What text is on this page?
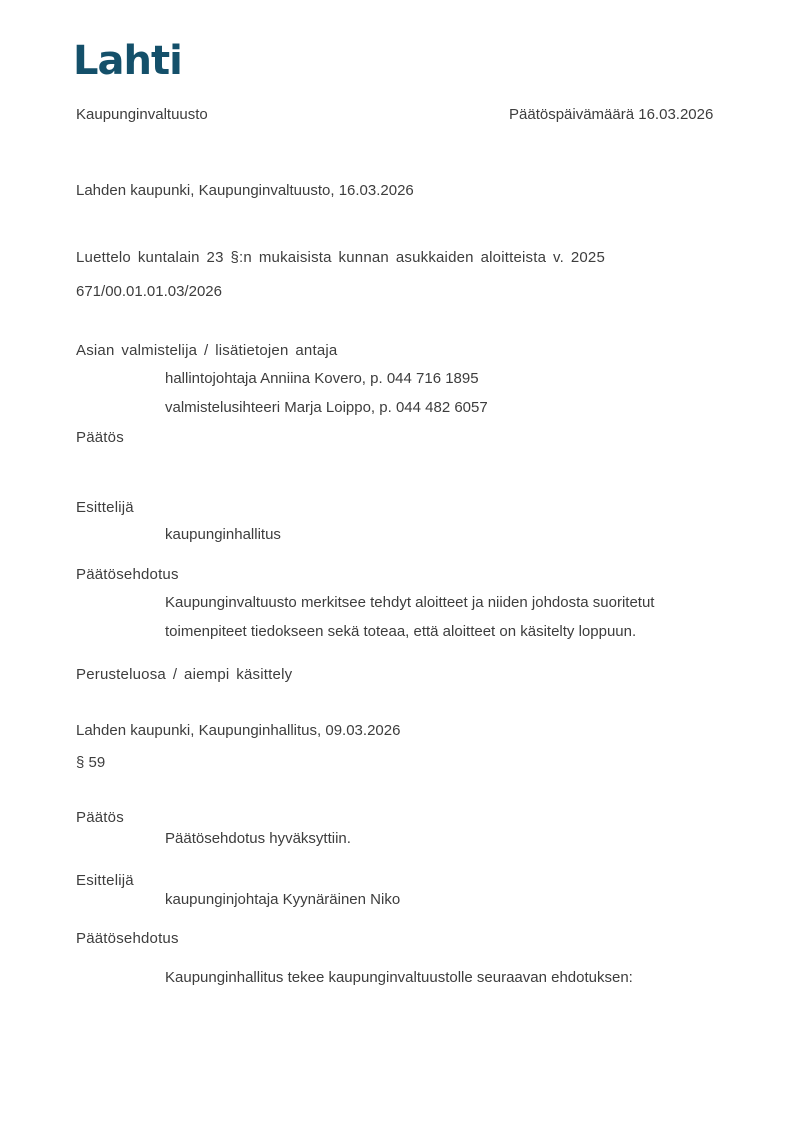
Lahti
Kaupunginvaltuusto	Päätöspäivämäärä 16.03.2026
Lahden kaupunki, Kaupunginvaltuusto, 16.03.2026
Luettelo kuntalain 23 §:n mukaisista kunnan asukkaiden aloitteista v. 2025
671/00.01.01.03/2026
Asian valmistelija / lisätietojen antaja
hallintojohtaja Anniina Kovero, p. 044 716 1895
valmistelusihteeri Marja Loippo, p. 044 482 6057
Päätös
Esittelijä
kaupunginhallitus
Päätösehdotus
Kaupunginvaltuusto merkitsee tehdyt aloitteet ja niiden johdosta suoritetut
toimenpiteet tiedokseen sekä toteaa, että aloitteet on käsitelty loppuun.
Perusteluosa / aiempi käsittely
Lahden kaupunki, Kaupunginhallitus, 09.03.2026
§ 59
Päätös
Päätösehdotus hyväksyttiin.
Esittelijä
kaupunginjohtaja Kyynäräinen Niko
Päätösehdotus
Kaupunginhallitus tekee kaupunginvaltuustolle seuraavan ehdotuksen:
